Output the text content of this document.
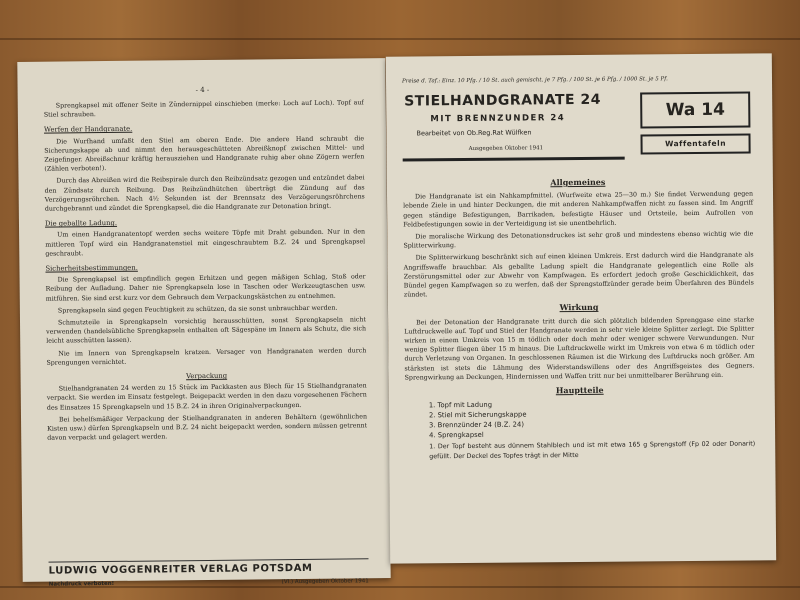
- 4 -

Sprengkapsel mit offener Seite in Zündernippel einschieben (merke: Loch auf Loch). Topf auf Stiel schrauben.

Werfen der Handgranate.

Die Wurfhand umfaßt den Stiel am oberen Ende. Die andere Hand schraubt die Sicherungskappe ab und nimmt den herausgeschütteten Abreißknopf zwischen Mittel- und Zeigefinger. Abreißschnur kräftig herausziehen und Handgranate ruhig aber ohne Zögern werfen (Zählen verboten!).

Durch das Abreißen wird die Reibspirale durch den Reibzündsatz gezogen und entzündet dabei den Zündsatz durch Reibung. Das Reibzündhütchen überträgt die Zündung auf das Verzögerungsröhrchen. Nach 4½ Sekunden ist der Brennsatz des Verzögerungsröhrchens durchgebrannt und zündet die Sprengkapsel, die die Handgranate zur Detonation bringt.

Die geballte Ladung.

Um einen Handgranatentopf werden sechs weitere Töpfe mit Draht gebunden. Nur in den mittleren Topf wird ein Handgranatenstiel mit eingeschraubtem B.Z. 24 und Sprengkapsel geschraubt.

Sicherheitsbestimmungen.

Die Sprengkapsel ist empfindlich gegen Erhitzen und gegen mäßigen Schlag, Stoß oder Reibung der Aufladung. Daher nie Sprengkapseln lose in Taschen oder Werkzeugtaschen usw. mitführen. Sie sind erst kurz vor dem Gebrauch dem Verpackungskästchen zu entnehmen.

Sprengkapseln sind gegen Feuchtigkeit zu schützen, da sie sonst unbrauchbar werden.

Schmutzteile in Sprengkapseln vorsichtig herausschütten, sonst Sprengkapseln nicht verwenden (handelsübliche Sprengkapseln enthalten oft Sägespäne im Innern als Schutz, die sich leicht ausschütten lassen).

Nie im Innern von Sprengkapseln kratzen. Versager von Handgranaten werden durch Sprengungen vernichtet.

Verpackung

Stielhandgranaten 24 werden zu 15 Stück im Packkasten aus Blech für 15 Stielhandgranaten verpackt. Sie werden im Einsatz festgelegt. Beigepackt werden in den dazu vorgesehenen Fächern des Einsatzes 15 Sprengkapseln und 15 B.Z. 24 in ihren Originalverpackungen.

Bei behelfsmäßiger Verpackung der Stielhandgranaten in anderen Behältern (gewöhnlichen Kisten usw.) dürfen Sprengkapseln und B.Z. 24 nicht beigepackt werden, sondern müssen getrennt davon verpackt und gelagert werden.

LUDWIG VOGGENREITER VERLAG POTSDAM
Nachdruck verboten!	(VI.) Ausgegeben Oktober 1941
Preise d. Taf.: Einz. 10 Pfg. / 10 St. auch gemischt, je 7 Pfg. / 100 St. je 6 Pfg. / 1000 St. je 5 Pf.
STIELHANDGRANATE 24
MIT BRENNZUNDER 24
Bearbeitet von Ob.Reg.Rat Wülfken
Ausgegeben Oktober 1941
Wa 14
Waffentafeln
Allgemeines

Die Handgranate ist ein Nahkampfmittel. (Wurfweite etwa 25—30 m.) Sie findet Verwendung gegen lebende Ziele in und hinter Deckungen, die mit anderen Nahkampfwaffen nicht zu fassen sind. Im Angriff gegen ständige Befestigungen, Barrikaden, befestigte Häuser und Ortsteile, beim Aufrollen von Feldbefestigungen sowie in der Verteidigung ist sie unentbehrlich.

Die moralische Wirkung des Detonationsdruckes ist sehr groß und mindestens ebenso wichtig wie die Splitterwirkung.

Die Splitterwirkung beschränkt sich auf einen kleinen Umkreis. Erst dadurch wird die Handgranate als Angriffswaffe brauchbar. Als geballte Ladung spielt die Handgranate gelegentlich eine Rolle als Zerstörungsmittel oder zur Abwehr von Kampfwagen. Es erfordert jedoch große Geschicklichkeit, das Bündel gegen Kampfwagen so zu werfen, daß der Sprengstoffzünder gerade beim Überfahren des Bündels zündet.

Wirkung

Bei der Detonation der Handgranate tritt durch die sich plötzlich bildenden Sprenggase eine starke Luftdruckwelle auf. Topf und Stiel der Handgranate werden in sehr viele kleine Splitter zerlegt. Die Splitter wirken in einem Umkreis von 15 m tödlich oder doch mehr oder weniger schwere Verwundungen. Nur wenige Splitter fliegen über 15 m hinaus. Die Luftdruckwelle wirkt im Umkreis von etwa 6 m tödlich oder durch Verletzung von Organen. In geschlossenen Räumen ist die Wirkung des Luftdrucks noch größer. Am stärksten ist stets die Lähmung des Widerstandswillens oder des Angriffsgeistes des Gegners. Sprengwirkung an Deckungen, Hindernissen und Waffen tritt nur bei unmittelbarer Berührung ein.

Hauptteile
1. Topf mit Ladung
2. Stiel mit Sicherungskappe
3. Brennzünder 24 (B.Z. 24)
4. Sprengkapsel
1. Der Topf besteht aus dünnem Stahlblech und ist mit etwa 165 g Sprengstoff (Fp 02 oder Donarit) gefüllt. Der Deckel des Topfes trägt in der Mitte
